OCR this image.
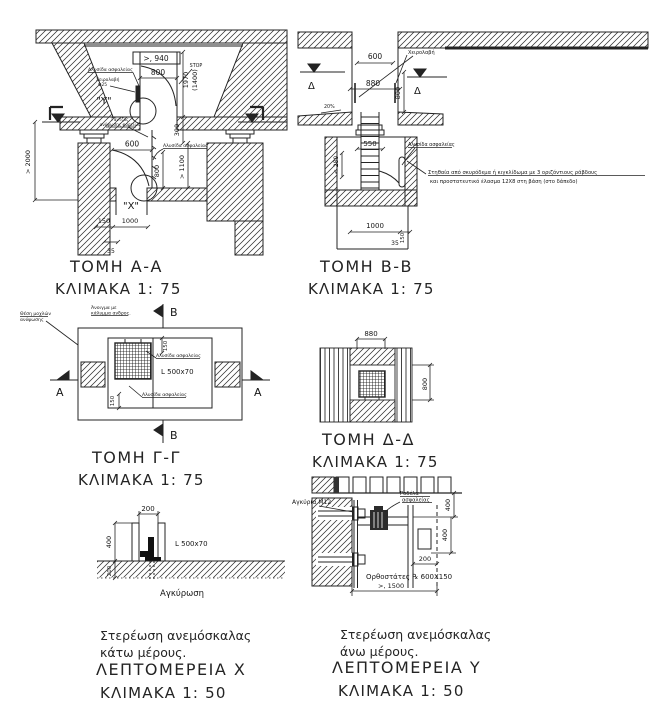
>, 940
800
STOP
1970 (1400)
300
> 2000
600
800	> 1100
150 1000
35
"Υ"
"Χ"
Αλυσίδα ασφαλείας
Χειρολαβή
Φ25
Γάντζος
ανύψωσης φορτίων
Αλυσίδα ασφαλείας
600
880
Χειρολαβή
Δ	Δ
800
20%
550
< 280
Αλυσίδα ασφαλείας
Στηθαία από σκυρόδεμα ή κιγκλίδωμα με 3 οριζόντιους ράβδους
και προστατευτικό έλασμα 12Χ8 στη βάση (στο δάπεδο)
1000
150
35
150
150
L 500x70
Αλυσίδα ασφαλείας
Αλυσίδα ασφαλείας
A	A
B
B
Θέση μοχλών
ανύψωσης
Άνοιγμα με
κάλυμμα ανδρος.
880
800
200
400
200
L 500x70
Αγκύρωση
400
400
200
>, 1500
Αγκύρια Μ12
Ροδέλα
ασφαλείας
Ορθοστάτες ℞ 600Χ150
ΤΟΜΗ Α-Α
ΚΛΙΜΑΚΑ 1: 75
ΤΟΜΗ Β-Β
ΚΛΙΜΑΚΑ 1: 75
ΤΟΜΗ Γ-Γ
ΚΛΙΜΑΚΑ 1: 75
ΤΟΜΗ Δ-Δ
ΚΛΙΜΑΚΑ 1: 75
Στερέωση ανεμόσκαλας
κάτω μέρους.
ΛΕΠΤΟΜΕΡΕΙΑ Χ
ΚΛΙΜΑΚΑ 1: 50
Στερέωση ανεμόσκαλας
άνω μέρους.
ΛΕΠΤΟΜΕΡΕΙΑ Υ
ΚΛΙΜΑΚΑ 1: 50
